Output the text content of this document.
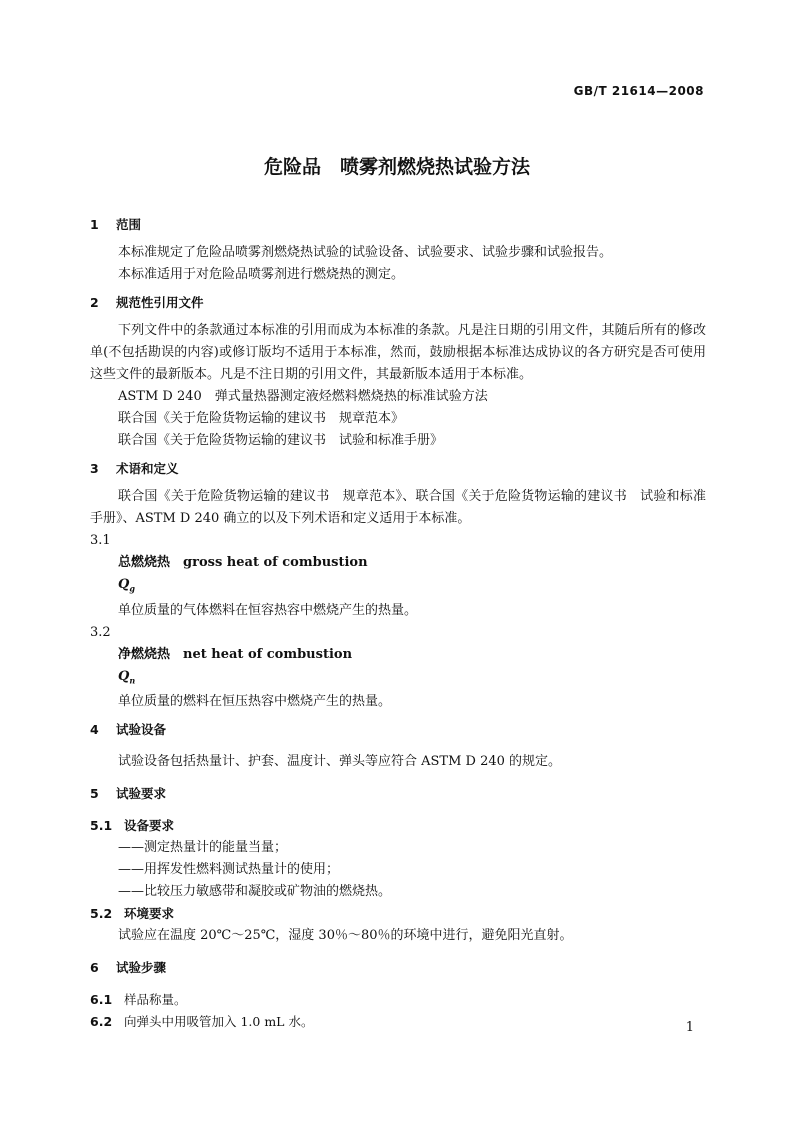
GB/T 21614—2008
危险品　喷雾剂燃烧热试验方法
1 范围
本标准规定了危险品喷雾剂燃烧热试验的试验设备、试验要求、试验步骤和试验报告。
本标准适用于对危险品喷雾剂进行燃烧热的测定。
2 规范性引用文件
下列文件中的条款通过本标准的引用而成为本标准的条款。凡是注日期的引用文件，其随后所有的修改单(不包括勘误的内容)或修订版均不适用于本标准，然而，鼓励根据本标准达成协议的各方研究是否可使用这些文件的最新版本。凡是不注日期的引用文件，其最新版本适用于本标准。
ASTM D 240　弹式量热器测定液烃燃料燃烧热的标准试验方法
联合国《关于危险货物运输的建议书　规章范本》
联合国《关于危险货物运输的建议书　试验和标准手册》
3 术语和定义
联合国《关于危险货物运输的建议书　规章范本》、联合国《关于危险货物运输的建议书　试验和标准手册》、ASTM D 240 确立的以及下列术语和定义适用于本标准。
3.1
总燃烧热　 gross heat of combustion
$Q_g$
单位质量的气体燃料在恒容热容中燃烧产生的热量。
3.2
净燃烧热　 net heat of combustion
$Q_n$
单位质量的燃料在恒压热容中燃烧产生的热量。
4 试验设备
试验设备包括热量计、护套、温度计、弹头等应符合 ASTM D 240 的规定。
5 试验要求
5.1 设备要求
——测定热量计的能量当量；
——用挥发性燃料测试热量计的使用；
——比较压力敏感带和凝胶或矿物油的燃烧热。
5.2 环境要求
试验应在温度 20℃～25℃，湿度 30％～80％的环境中进行，避免阳光直射。
6 试验步骤
6.1 样品称量。
6.2 向弹头中用吸管加入 1.0 mL 水。	1
